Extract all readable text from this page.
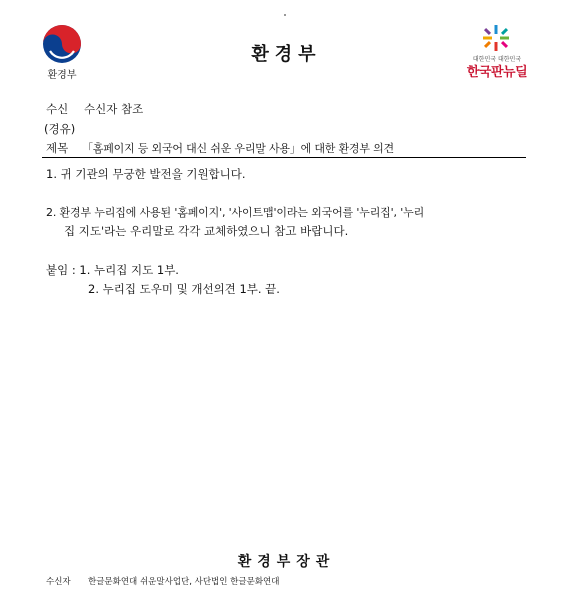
환경부
환경부	대한민국 대한민국
한국판뉴딜
수신 수신자 참조
(경유)
제목 「홈페이지 등 외국어 대신 쉬운 우리말 사용」에 대한 환경부 의견
1. 귀 기관의 무궁한 발전을 기원합니다.
2. 환경부 누리집에 사용된 '홈페이지', '사이트맵'이라는 외국어를 '누리집', '누리
집 지도'라는 우리말로 각각 교체하였으니 참고 바랍니다.
붙임 : 1. 누리집 지도 1부.
2. 누리집 도우미 및 개선의견 1부. 끝.
환경부장관
수신자 한글문화연대 쉬운말사업단, 사단법인 한글문화연대
